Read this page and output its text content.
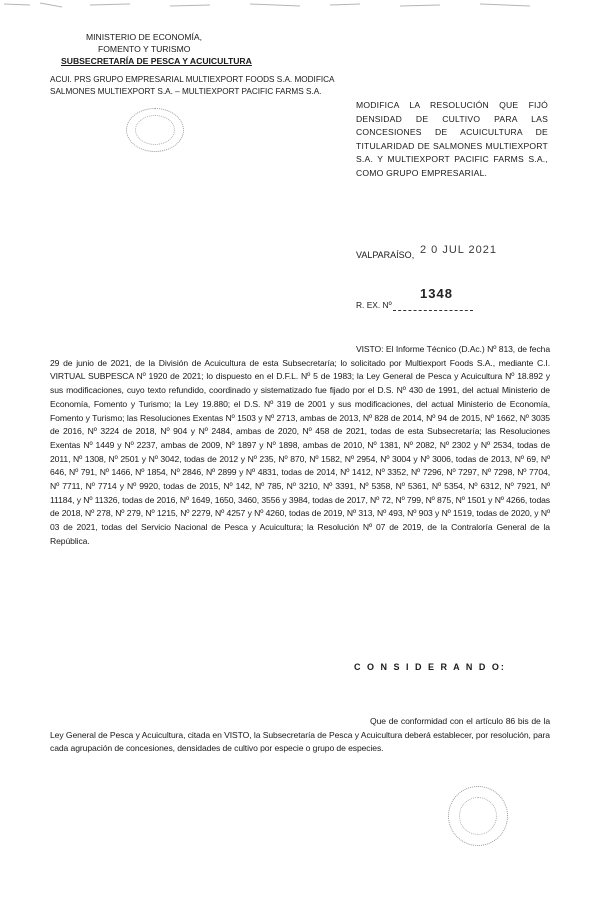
MINISTERIO DE ECONOMÍA,
FOMENTO Y TURISMO
SUBSECRETARÍA DE PESCA Y ACUICULTURA
ACUI. PRS GRUPO EMPRESARIAL MULTIEXPORT FOODS S.A. MODIFICA
SALMONES MULTIEXPORT S.A. – MULTIEXPORT PACIFIC FARMS S.A.
MODIFICA LA RESOLUCIÓN QUE FIJÓ DENSIDAD DE CULTIVO PARA LAS CONCESIONES DE ACUICULTURA DE TITULARIDAD DE SALMONES MULTIEXPORT S.A. Y MULTIEXPORT PACIFIC FARMS S.A., COMO GRUPO EMPRESARIAL.
VALPARAÍSO, 2 0 JUL 2021
R. EX. Nº
1348
VISTO: El Informe Técnico (D.Ac.) Nº 813, de fecha 29 de junio de 2021, de la División de Acuicultura de esta Subsecretaría; lo solicitado por Multiexport Foods S.A., mediante C.I. VIRTUAL SUBPESCA Nº 1920 de 2021; lo dispuesto en el D.F.L. Nº 5 de 1983; la Ley General de Pesca y Acuicultura Nº 18.892 y sus modificaciones, cuyo texto refundido, coordinado y sistematizado fue fijado por el D.S. Nº 430 de 1991, del actual Ministerio de Economía, Fomento y Turismo; la Ley 19.880; el D.S. Nº 319 de 2001 y sus modificaciones, del actual Ministerio de Economía, Fomento y Turismo; las Resoluciones Exentas Nº 1503 y Nº 2713, ambas de 2013, Nº 828 de 2014, Nº 94 de 2015, Nº 1662, Nº 3035 de 2016, Nº 3224 de 2018, Nº 904 y Nº 2484, ambas de 2020, Nº 458 de 2021, todas de esta Subsecretaría; las Resoluciones Exentas Nº 1449 y Nº 2237, ambas de 2009, Nº 1897 y Nº 1898, ambas de 2010, Nº 1381, Nº 2082, Nº 2302 y Nº 2534, todas de 2011, Nº 1308, Nº 2501 y Nº 3042, todas de 2012 y Nº 235, Nº 870, Nº 1582, Nº 2954, Nº 3004 y Nº 3006, todas de 2013, Nº 69, Nº 646, Nº 791, Nº 1466, Nº 1854, Nº 2846, Nº 2899 y Nº 4831, todas de 2014, Nº 1412, Nº 3352, Nº 7296, Nº 7297, Nº 7298, Nº 7704, Nº 7711, Nº 7714 y Nº 9920, todas de 2015, Nº 142, Nº 785, Nº 3210, Nº 3391, Nº 5358, Nº 5361, Nº 5354, Nº 6312, Nº 7921, Nº 11184, y Nº 11326, todas de 2016, Nº 1649, 1650, 3460, 3556 y 3984, todas de 2017, Nº 72, Nº 799, Nº 875, Nº 1501 y Nº 4266, todas de 2018, Nº 278, Nº 279, Nº 1215, Nº 2279, Nº 4257 y Nº 4260, todas de 2019, Nº 313, Nº 493, Nº 903 y Nº 1519, todas de 2020, y Nº 03 de 2021, todas del Servicio Nacional de Pesca y Acuicultura; la Resolución Nº 07 de 2019, de la Contraloría General de la República.
C O N S I D E R A N D O:
Que de conformidad con el artículo 86 bis de la Ley General de Pesca y Acuicultura, citada en VISTO, la Subsecretaría de Pesca y Acuicultura deberá establecer, por resolución, para cada agrupación de concesiones, densidades de cultivo por especie o grupo de especies.
